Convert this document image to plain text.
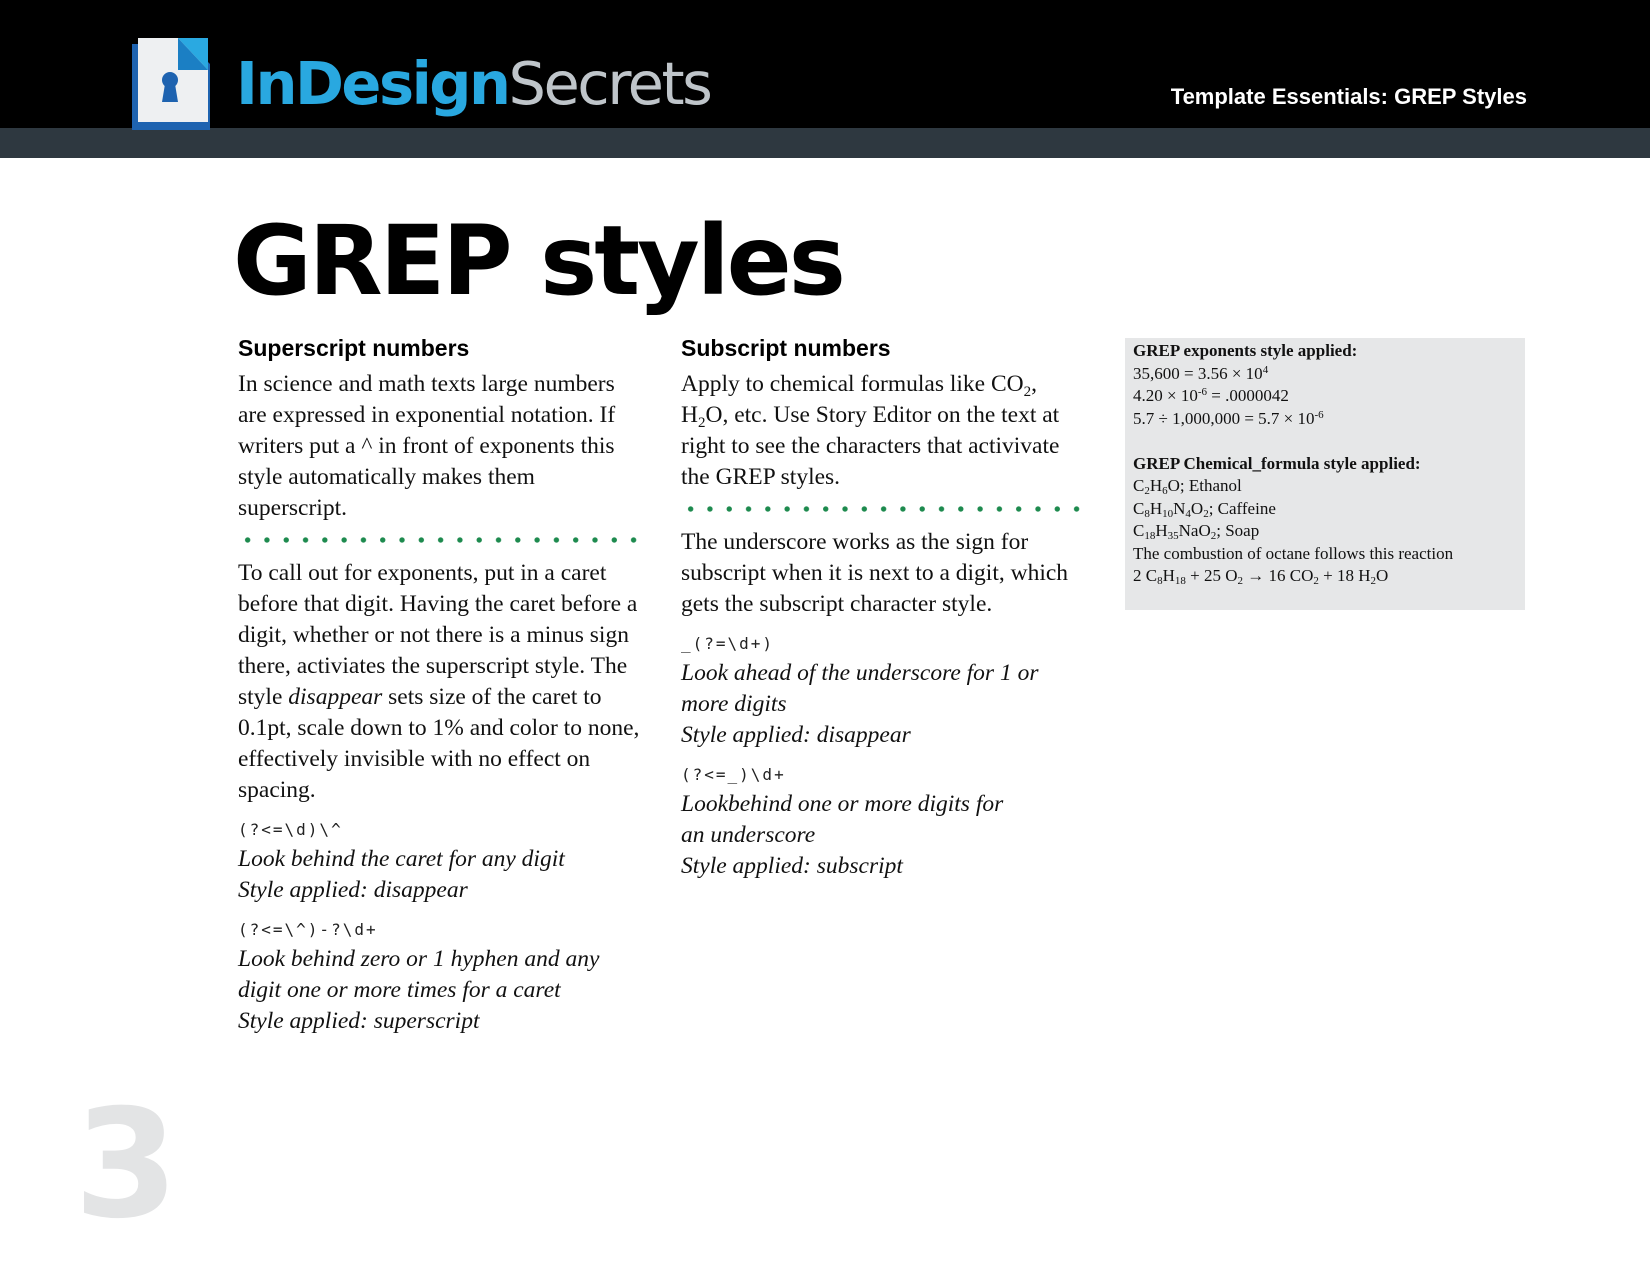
InDesignSecrets	Template Essentials: GREP Styles
GREP styles
Superscript numbers

In science and math texts large numbers are expressed in exponential notation. If writers put a ^ in front of exponents this style automatically makes them superscript.

To call out for exponents, put in a caret before that digit. Having the caret before a digit, whether or not there is a minus sign there, activiates the superscript style. The style disappear sets size of the caret to 0.1pt, scale down to 1% and color to none, effectively invisible with no effect on spacing.

(?<=\d)\^

Look behind the caret for any digit

Style applied: disappear

(?<=\^)-?\d+

Look behind zero or 1 hyphen and any

digit one or more times for a caret

Style applied: superscript

Subscript numbers

Apply to chemical formulas like $CO_2$,
$H_2O$, etc. Use Story Editor on the text at right to see the characters that activivate the GREP styles.

The underscore works as the sign for subscript when it is next to a digit, which gets the subscript character style.

_(?=\d+)

Look ahead of the underscore for 1 or

more digits

Style applied: disappear

(?<=_)\d+

Lookbehind one or more digits for

an underscore

Style applied: subscript

GREP exponents style applied:
$35,600 = 3.56 \times 10^4$
$4.20 \times 10^{-6} = .0000042$
$5.7 \div 1,000,000 = 5.7 \times 10^{-6}$
GREP Chemical_formula style applied:
$C_2H_6O$; Ethanol
$C_8H_{10}N_4O_2$; Caffeine
$C_{18}H_{35}NaO_2$; Soap
The combustion of octane follows this reaction
2 $C_8H_{18} + 25$ $O_2 \to 16$ $CO_2 + 18$ $H_2O$
3
